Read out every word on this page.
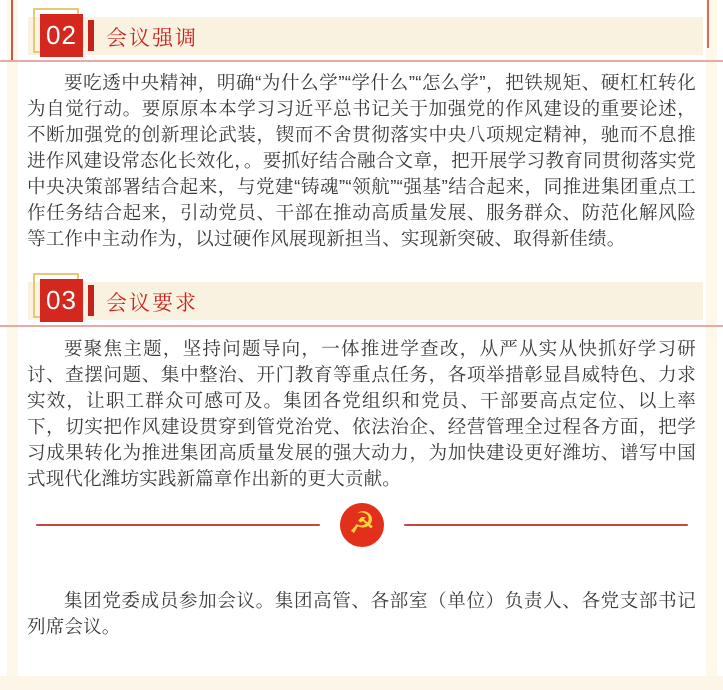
02 会议强调
要吃透中央精神，明确“为什么学”“学什么”“怎么学”，把铁规矩、硬杠杠转化为自觉行动。要原原本本学习习近平总书记关于加强党的作风建设的重要论述，不断加强党的创新理论武装，锲而不舍贯彻落实中央八项规定精神，驰而不息推进作风建设常态化长效化，。要抓好结合融合文章，把开展学习教育同贯彻落实党中央决策部署结合起来，与党建“铸魂”“领航”“强基”结合起来，同推进集团重点工作任务结合起来，引动党员、干部在推动高质量发展、服务群众、防范化解风险等工作中主动作为，以过硬作风展现新担当、实现新突破、取得新佳绩。
03 会议要求
要聚焦主题，坚持问题导向，一体推进学查改，从严从实从快抓好学习研讨、查摆问题、集中整治、开门教育等重点任务，各项举措彰显昌威特色、力求实效，让职工群众可感可及。集团各党组织和党员、干部要高点定位、以上率下，切实把作风建设贯穿到管党治党、依法治企、经营管理全过程各方面，把学习成果转化为推进集团高质量发展的强大动力，为加快建设更好潍坊、谱写中国式现代化潍坊实践新篇章作出新的更大贡献。
☭
集团党委成员参加会议。集团高管、各部室（单位）负责人、各党支部书记列席会议。
